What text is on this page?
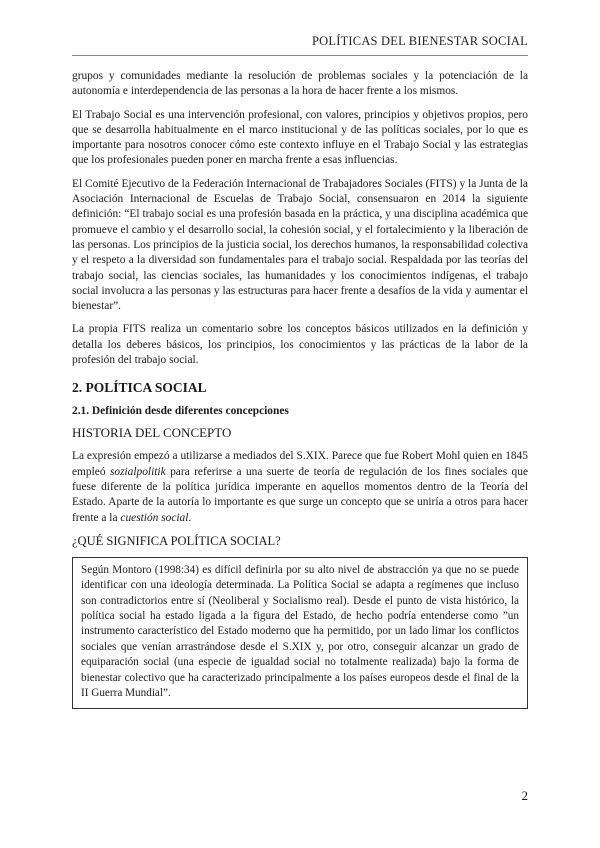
POLÍTICAS DEL BIENESTAR SOCIAL

grupos y comunidades mediante la resolución de problemas sociales y la potenciación de la autonomía e interdependencia de las personas a la hora de hacer frente a los mismos.

El Trabajo Social es una intervención profesional, con valores, principios y objetivos propios, pero que se desarrolla habitualmente en el marco institucional y de las políticas sociales, por lo que es importante para nosotros conocer cómo este contexto influye en el Trabajo Social y las estrategias que los profesionales pueden poner en marcha frente a esas influencias.

El Comité Ejecutivo de la Federación Internacional de Trabajadores Sociales (FITS) y la Junta de la Asociación Internacional de Escuelas de Trabajo Social, consensuaron en 2014 la siguiente definición: “El trabajo social es una profesión basada en la práctica, y una disciplina académica que promueve el cambio y el desarrollo social, la cohesión social, y el fortalecimiento y la liberación de las personas. Los principios de la justicia social, los derechos humanos, la responsabilidad colectiva y el respeto a la diversidad son fundamentales para el trabajo social. Respaldada por las teorías del trabajo social, las ciencias sociales, las humanidades y los conocimientos indígenas, el trabajo social involucra a las personas y las estructuras para hacer frente a desafíos de la vida y aumentar el bienestar”.

La propia FITS realiza un comentario sobre los conceptos básicos utilizados en la definición y detalla los deberes básicos, los principios, los conocimientos y las prácticas de la labor de la profesión del trabajo social.

2. POLÍTICA SOCIAL
2.1. Definición desde diferentes concepciones
HISTORIA DEL CONCEPTO

La expresión empezó a utilizarse a mediados del S.XIX. Parece que fue Robert Mohl quien en 1845 empleó sozialpolitik para referirse a una suerte de teoría de regulación de los fines sociales que fuese diferente de la política jurídica imperante en aquellos momentos dentro de la Teoría del Estado. Aparte de la autoría lo importante es que surge un concepto que se uniría a otros para hacer frente a la cuestión social.

¿QUÉ SIGNIFICA POLÍTICA SOCIAL?

Según Montoro (1998:34) es difícil definirla por su alto nivel de abstracción ya que no se puede identificar con una ideología determinada. La Política Social se adapta a regímenes que incluso son contradictorios entre sí (Neoliberal y Socialismo real). Desde el punto de vista histórico, la política social ha estado ligada a la figura del Estado, de hecho podría entenderse como ”un instrumento característico del Estado moderno que ha permitido, por un lado limar los conflictos sociales que venían arrastrándose desde el S.XIX y, por otro, conseguir alcanzar un grado de equiparación social (una especie de igualdad social no totalmente realizada) bajo la forma de bienestar colectivo que ha caracterizado principalmente a los países europeos desde el final de la II Guerra Mundial”.

2
